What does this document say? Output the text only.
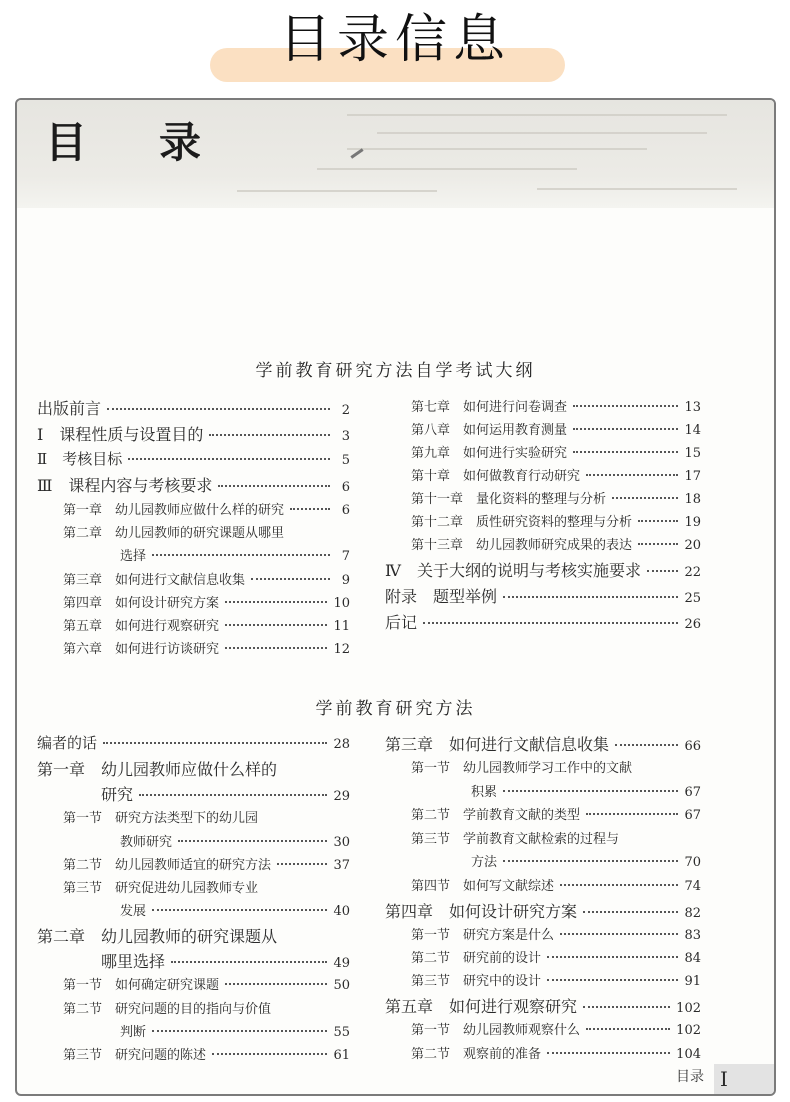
目录信息
目 录
学前教育研究方法自学考试大纲
出版前言	2
Ⅰ　课程性质与设置目的	3
Ⅱ　考核目标	5
Ⅲ　课程内容与考核要求	6
第一章　幼儿园教师应做什么样的研究	6
第二章　幼儿园教师的研究课题从哪里
选择	7
第三章　如何进行文献信息收集	9
第四章　如何设计研究方案	10
第五章　如何进行观察研究	11
第六章　如何进行访谈研究	12
第七章　如何进行问卷调查	13
第八章　如何运用教育测量	14
第九章　如何进行实验研究	15
第十章　如何做教育行动研究	17
第十一章　量化资料的整理与分析	18
第十二章　质性研究资料的整理与分析	19
第十三章　幼儿园教师研究成果的表达	20
Ⅳ　关于大纲的说明与考核实施要求	22
附录　题型举例	25
后记	26
学前教育研究方法
编者的话	28
第一章　幼儿园教师应做什么样的
研究	29
第一节　研究方法类型下的幼儿园
教师研究	30
第二节　幼儿园教师适宜的研究方法	37
第三节　研究促进幼儿园教师专业
发展	40
第二章　幼儿园教师的研究课题从
哪里选择	49
第一节　如何确定研究课题	50
第二节　研究问题的目的指向与价值
判断	55
第三节　研究问题的陈述	61
第三章　如何进行文献信息收集	66
第一节　幼儿园教师学习工作中的文献
积累	67
第二节　学前教育文献的类型	67
第三节　学前教育文献检索的过程与
方法	70
第四节　如何写文献综述	74
第四章　如何设计研究方案	82
第一节　研究方案是什么	83
第二节　研究前的设计	84
第三节　研究中的设计	91
第五章　如何进行观察研究	102
第一节　幼儿园教师观察什么	102
第二节　观察前的准备	104
目录 I
